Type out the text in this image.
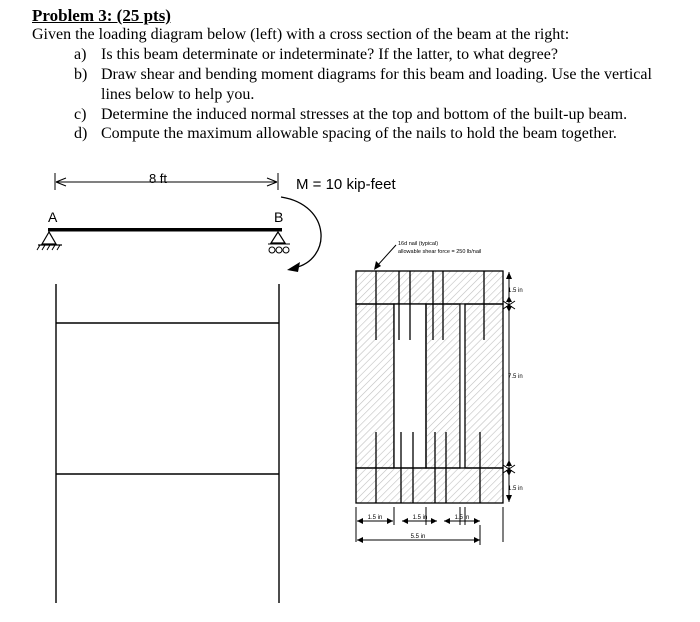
Problem 3: (25 pts)
Given the loading diagram below (left) with a cross section of the beam at the right:
a) Is this beam determinate or indeterminate? If the latter, to what degree?
b) Draw shear and bending moment diagrams for this beam and loading. Use the vertical
lines below to help you.
c) Determine the induced normal stresses at the top and bottom of the built-up beam.
d) Compute the maximum allowable spacing of the nails to hold the beam together.
8 ft	M = 10 kip-feet
A	B
16d nail (typical)
allowable shear force = 250 lb/nail
1.5 in
7.5 in
1.5 in
1.5 in	1.5 in	1.5 in
5.5 in
